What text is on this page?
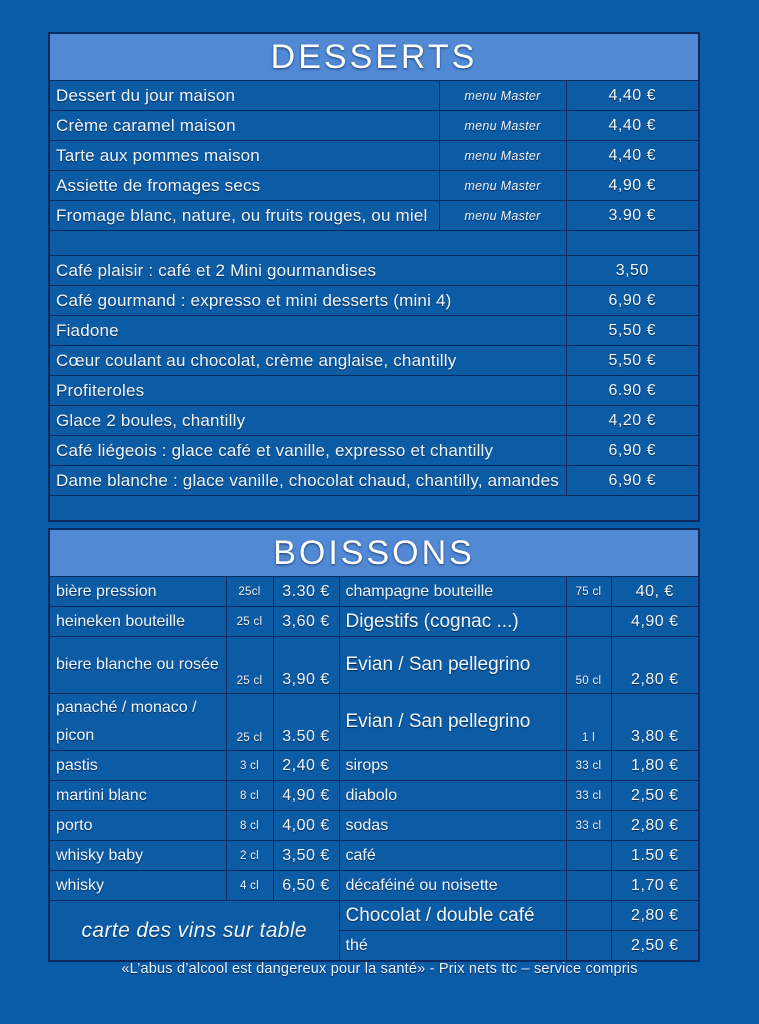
DESSERTS		
Dessert du jour maison	menu Master	4,40 €
Crème caramel maison	menu Master	4,40 €
Tarte aux pommes maison	menu Master	4,40 €
Assiette de fromages secs	menu Master	4,90 €
Fromage blanc, nature, ou fruits rouges, ou miel	menu Master	3.90 €

Café plaisir : café et 2 Mini gourmandises		3,50
Café gourmand : expresso et mini desserts (mini 4)		6,90 €
Fiadone		5,50 €
Cœur coulant au chocolat, crème anglaise, chantilly		5,50 €
Profiteroles		6.90 €
Glace 2 boules, chantilly		4,20 €
Café liégeois : glace café et vanille, expresso et chantilly		6,90 €
Dame blanche : glace vanille, chocolat chaud, chantilly, amandes		6,90 €

BOISSONS					
bière pression	25cl	3.30 €	champagne bouteille	75 cl	40, €
heineken bouteille	25 cl	3,60 €	Digestifs (cognac ...)		4,90 €
biere blanche ou rosée	25 cl	3,90 €	Evian / San pellegrino	50 cl	2,80 €
panaché / monaco / picon	25 cl	3.50 €	Evian / San pellegrino	1 l	3,80 €
pastis	3 cl	2,40 €	sirops	33 cl	1,80 €
martini blanc	8 cl	4,90 €	diabolo	33 cl	2,50 €
porto	8 cl	4,00 €	sodas	33 cl	2,80 €
whisky baby	2 cl	3,50 €	café		1.50 €
whisky	4 cl	6,50 €	décaféiné ou noisette		1,70 €
carte des vins sur table			Chocolat / double café		2,80 €
			thé		2,50 €
«L’abus d’alcool est dangereux pour la santé» - Prix nets ttc – service compris
